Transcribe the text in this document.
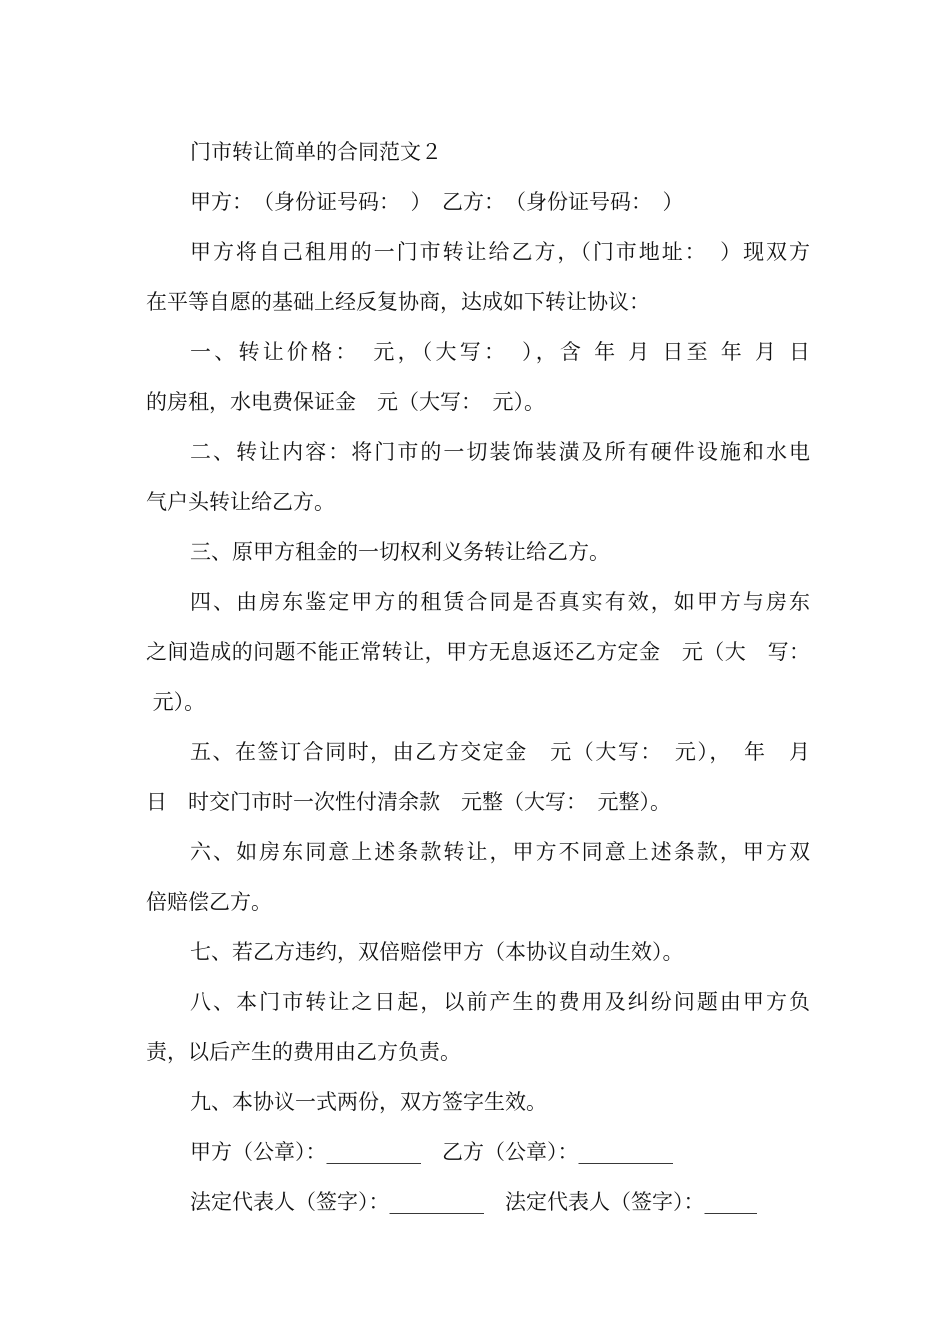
门市转让简单的合同范文２
甲方：　（身份证号码：　）　乙方：　（身份证号码：　）
甲方将自己租用的一门市转让给乙方，（门市地址：　）现双方
在平等自愿的基础上经反复协商，达成如下转让协议：
一、转让价格：　元，（大写：　），含 年 月 日至 年 月 日
的房租，水电费保证金　元（大写：　元）。
二、转让内容：将门市的一切装饰装潢及所有硬件设施和水电
气户头转让给乙方。
三、原甲方租金的一切权利义务转让给乙方。
四、由房东鉴定甲方的租赁合同是否真实有效，如甲方与房东
之间造成的问题不能正常转让，甲方无息返还乙方定金　元（大　写：
元）。
五、在签订合同时，由乙方交定金　元（大写：　元），　年　月
日　时交门市时一次性付清余款　元整（大写：　元整）。
六、如房东同意上述条款转让，甲方不同意上述条款，甲方双
倍赔偿乙方。
七、若乙方违约，双倍赔偿甲方（本协议自动生效）。
八、本门市转让之日起，以前产生的费用及纠纷问题由甲方负
责，以后产生的费用由乙方负责。
九、本协议一式两份，双方签字生效。
甲方（公章）：_________　乙方（公章）：_________
法定代表人（签字）：_________　法定代表人（签字）：_____
